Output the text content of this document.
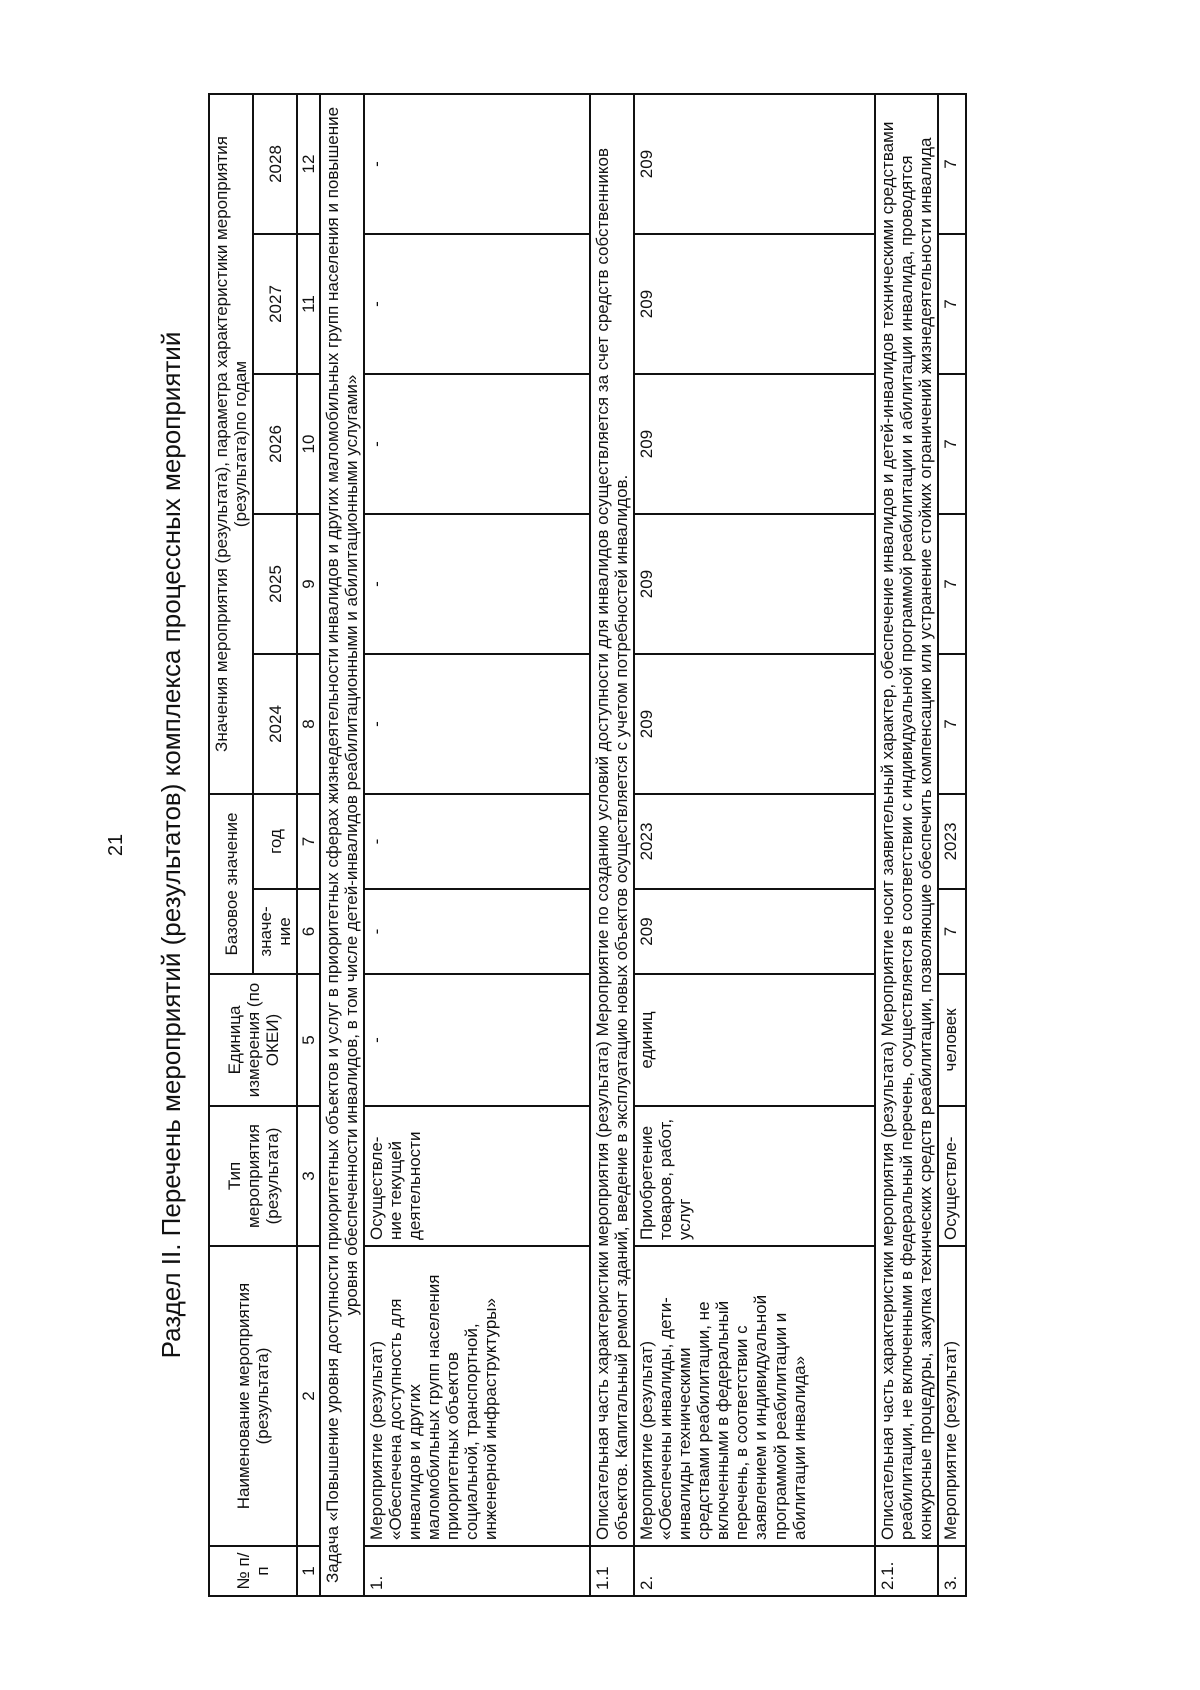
21 Раздел II. Перечень мероприятий (результатов) комплекса процессных мероприятий
№ п/п	Наименование мероприятия (результата)	Тип мероприятия (результата)	Единица измерения (по ОКЕИ)	Базовое значение		Значения мероприятия (результата), параметра характеристики мероприятия (результата)по годам				
				значе-ние	год	2024	2025	2026	2027	2028
1	2	3	5	6	7	8	9	10	11	12
Задача «Повышение уровня доступности приоритетных объектов и услуг в приоритетных сферах жизнедеятельности инвалидов и других маломобильных групп населения и повышение уровня обеспеченности инвалидов, в том числе детей-инвалидов реабилитационными и абилитационными услугами»										
1.	Мероприятие (результат) «Обеспечена доступность для инвалидов и других маломобильных групп населения приоритетных объектов социальной, транспортной, инженерной инфраструктуры»	Осуществле-ние текущей деятельности	-	-	-	-	-	-	-	-
1.1	Описательная часть характеристики мероприятия (результата) Мероприятие по созданию условий доступности для инвалидов осуществляется за счет средств собственников объектов. Капитальный ремонт зданий, введение в эксплуатацию новых объектов осуществляется с учетом потребностей инвалидов.									
2.	Мероприятие (результат) «Обеспечены инвалиды, дети-инвалиды техническими средствами реабилитации, не включенными в федеральный перечень, в соответствии с заявлением и индивидуальной программой реабилитации и абилитации инвалида»	Приобретение товаров, работ, услуг	единиц	209	2023	209	209	209	209	209
2.1.	Описательная часть характеристики мероприятия (результата) Мероприятие носит заявительный характер, обеспечение инвалидов и детей-инвалидов техническими средствами реабилитации, не включенными в федеральный перечень, осуществляется в соответствии с индивидуальной программой реабилитации и абилитации инвалида, проводятся конкурсные процедуры, закупка технических средств реабилитации, позволяющие обеспечить компенсацию или устранение стойких ограничений жизнедеятельности инвалида									
3.	Мероприятие (результат)	Осуществле-	человек	7	2023	7	7	7	7	7
